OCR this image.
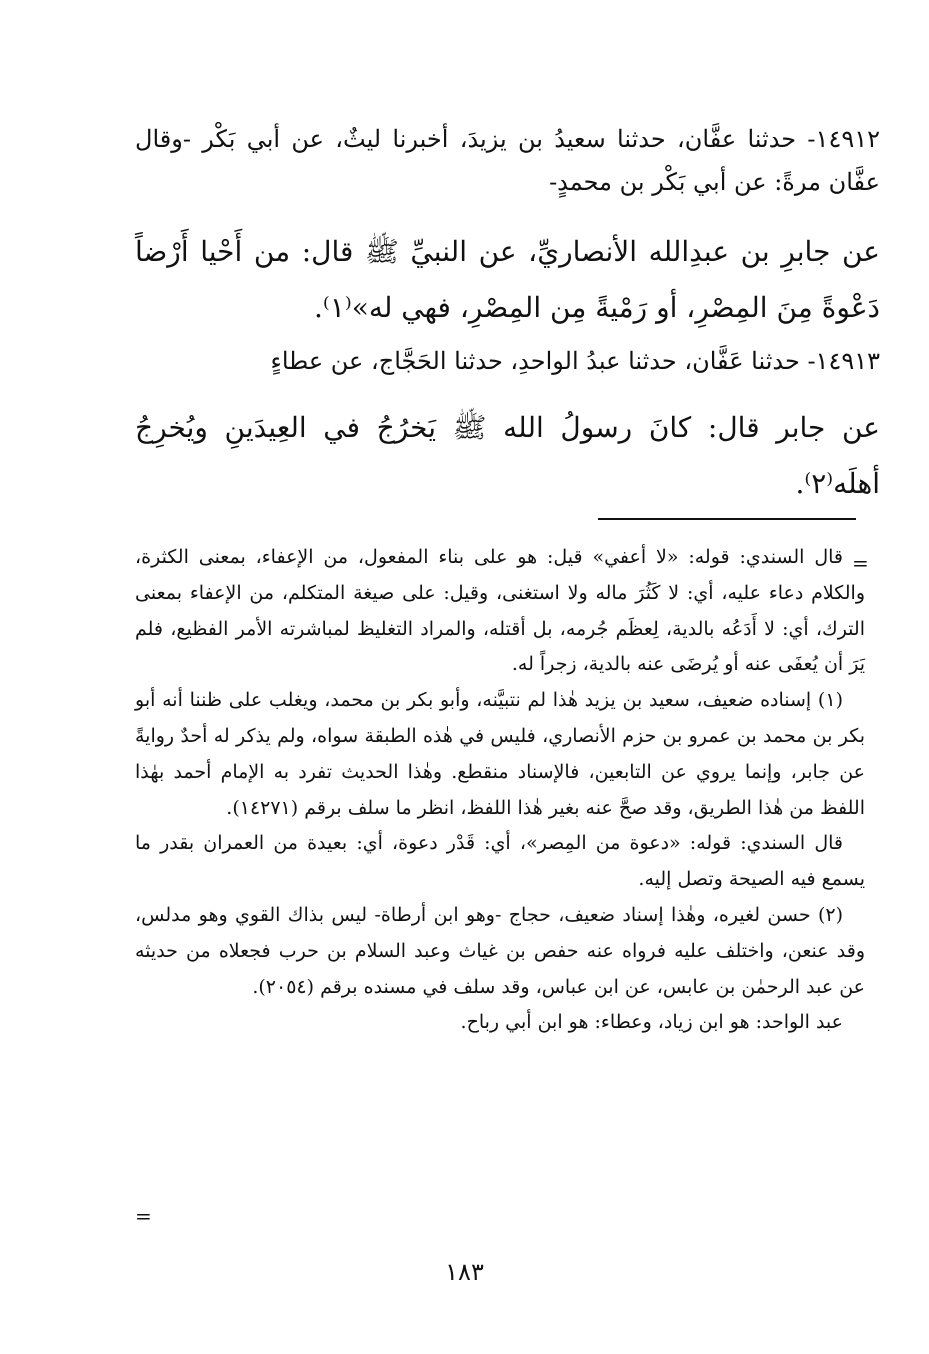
١٤٩١٢- حدثنا عفَّان، حدثنا سعيدُ بن يزيدَ، أخبرنا ليثٌ، عن أبي بَكْر -وقال عفَّان مرةً: عن أبي بَكْر بن محمدٍ-
عن جابرِ بن عبدِالله الأنصاريِّ، عن النبيِّ ﷺ قال: من أَحْيا أَرْضاً دَعْوةً مِنَ المِصْرِ، أو رَمْيةً مِن المِصْرِ، فهي له»⁽١⁾.
١٤٩١٣- حدثنا عَفَّان، حدثنا عبدُ الواحدِ، حدثنا الحَجَّاج، عن عطاءٍ
عن جابر قال: كانَ رسولُ الله ﷺ يَخرُجُ في العِيدَينِ ويُخرِجُ أهلَه⁽٢⁾.
=

قال السندي: قوله: «لا أعفي» قيل: هو على بناء المفعول، من الإعفاء، بمعنى الكثرة، والكلام دعاء عليه، أي: لا كَثُرَ ماله ولا استغنى، وقيل: على صيغة المتكلم، من الإعفاء بمعنى الترك، أي: لا أَدَعُه بالدية، لِعظَم جُرمه، بل أقتله، والمراد التغليظ لمباشرته الأمر الفظيع، فلم يَرَ أن يُعفَى عنه أو يُرضَى عنه بالدية، زجراً له.

(١) إسناده ضعيف، سعيد بن يزيد هٰذا لم نتبيَّنه، وأبو بكر بن محمد، ويغلب على ظننا أنه أبو بكر بن محمد بن عمرو بن حزم الأنصاري، فليس في هٰذه الطبقة سواه، ولم يذكر له أحدٌ روايةً عن جابر، وإنما يروي عن التابعين، فالإسناد منقطع. وهٰذا الحديث تفرد به الإمام أحمد بهٰذا اللفظ من هٰذا الطريق، وقد صحَّ عنه بغير هٰذا اللفظ، انظر ما سلف برقم (١٤٢٧١).

قال السندي: قوله: «دعوة من المِصر»، أي: قَدْر دعوة، أي: بعيدة من العمران بقدر ما يسمع فيه الصيحة وتصل إليه.

(٢) حسن لغيره، وهٰذا إسناد ضعيف، حجاج -وهو ابن أرطاة- ليس بذاك القوي وهو مدلس، وقد عنعن، واختلف عليه فرواه عنه حفص بن غياث وعبد السلام بن حرب فجعلاه من حديثه عن عبد الرحمٰن بن عابس، عن ابن عباس، وقد سلف في مسنده برقم (٢٠٥٤).

عبد الواحد: هو ابن زياد، وعطاء: هو ابن أبي رباح.

=
١٨٣
